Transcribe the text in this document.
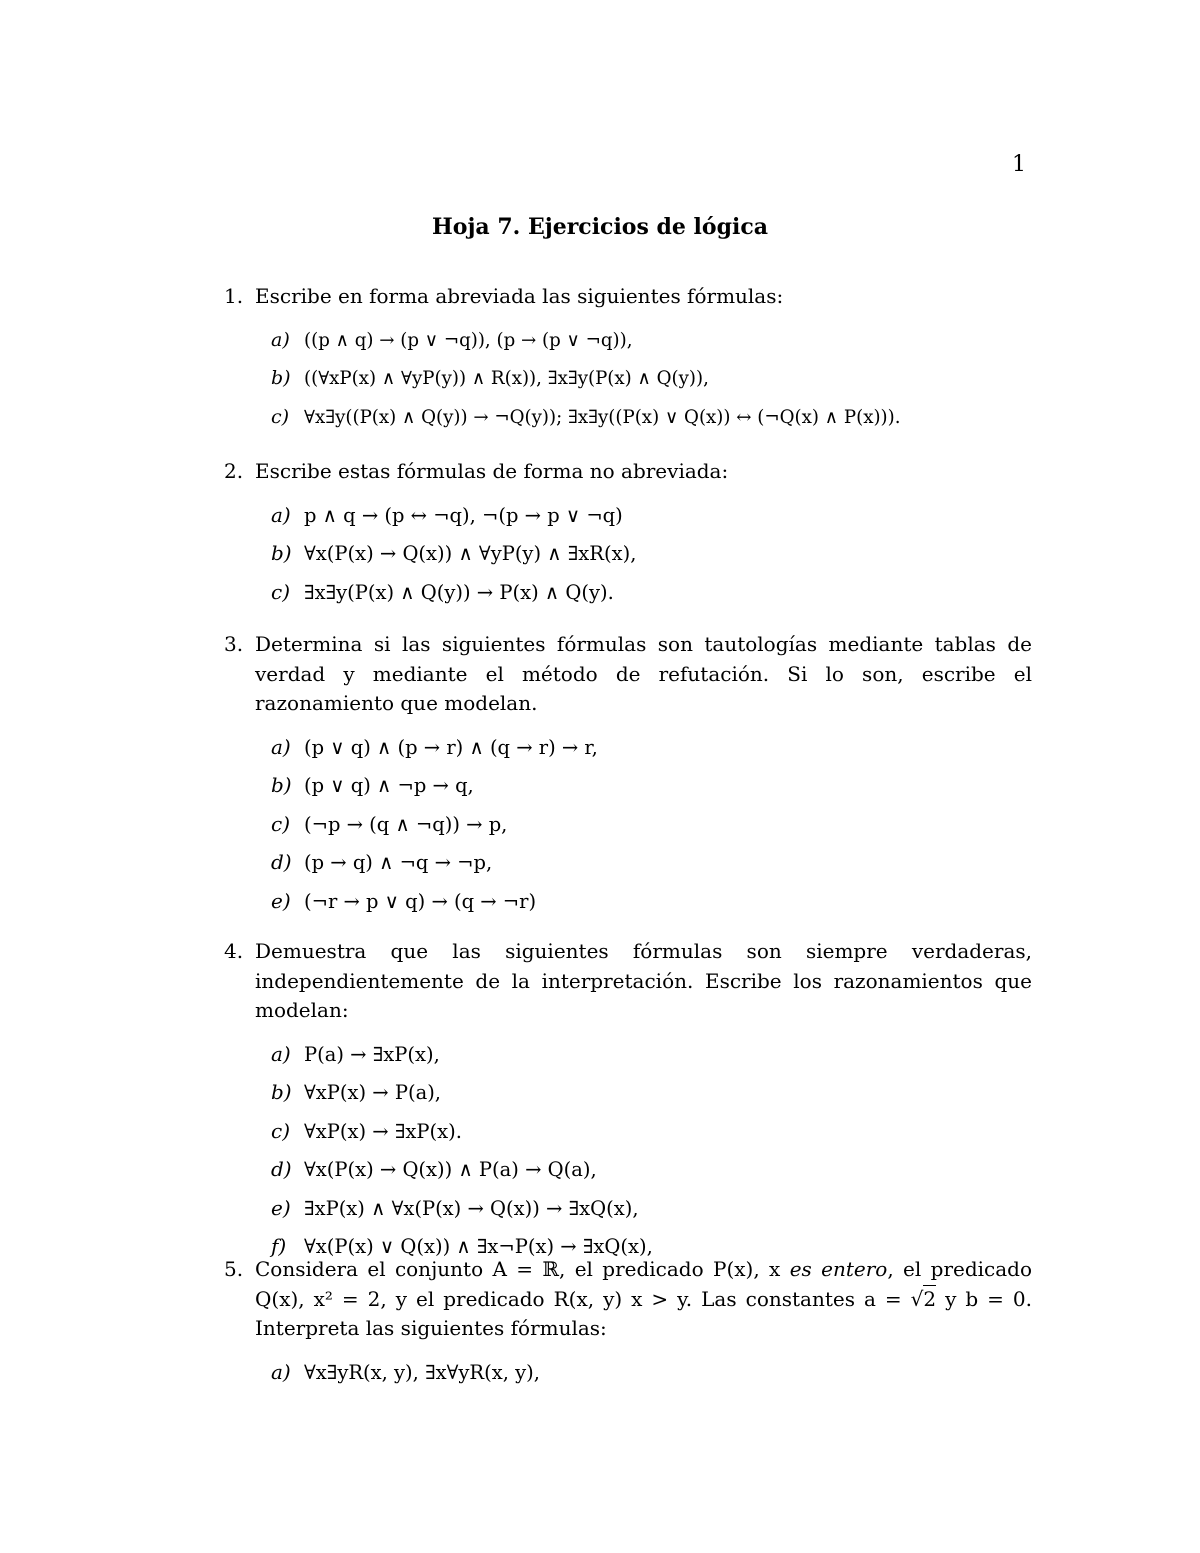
1
Hoja 7. Ejercicios de lógica
1. Escribe en forma abreviada las siguientes fórmulas:
a) ((p ∧ q) → (p ∨ ¬q)), (p → (p ∨ ¬q)),
b) ((∀xP(x) ∧ ∀yP(y)) ∧ R(x)), ∃x∃y(P(x) ∧ Q(y)),
c) ∀x∃y((P(x) ∧ Q(y)) → ¬Q(y)); ∃x∃y((P(x) ∨ Q(x)) ↔ (¬Q(x) ∧ P(x))).
2. Escribe estas fórmulas de forma no abreviada:
a) p ∧ q → (p ↔ ¬q), ¬(p → p ∨ ¬q)
b) ∀x(P(x) → Q(x)) ∧ ∀yP(y) ∧ ∃xR(x),
c) ∃x∃y(P(x) ∧ Q(y)) → P(x) ∧ Q(y).
3. Determina si las siguientes fórmulas son tautologías mediante tablas de verdad y mediante el método de refutación. Si lo son, escribe el razonamiento que modelan.
a) (p ∨ q) ∧ (p → r) ∧ (q → r) → r,
b) (p ∨ q) ∧ ¬p → q,
c) (¬p → (q ∧ ¬q)) → p,
d) (p → q) ∧ ¬q → ¬p,
e) (¬r → p ∨ q) → (q → ¬r)
4. Demuestra que las siguientes fórmulas son siempre verdaderas, independientemente de la interpretación. Escribe los razonamientos que modelan:
a) P(a) → ∃xP(x),
b) ∀xP(x) → P(a),
c) ∀xP(x) → ∃xP(x).
d) ∀x(P(x) → Q(x)) ∧ P(a) → Q(a),
e) ∃xP(x) ∧ ∀x(P(x) → Q(x)) → ∃xQ(x),
f) ∀x(P(x) ∨ Q(x)) ∧ ∃x¬P(x) → ∃xQ(x),
5. Considera el conjunto A = ℝ, el predicado P(x), x es entero, el predicado Q(x), x² = 2, y el predicado R(x, y) x > y. Las constantes a = √2 y b = 0. Interpreta las siguientes fórmulas:
a) ∀x∃yR(x, y), ∃x∀yR(x, y),
